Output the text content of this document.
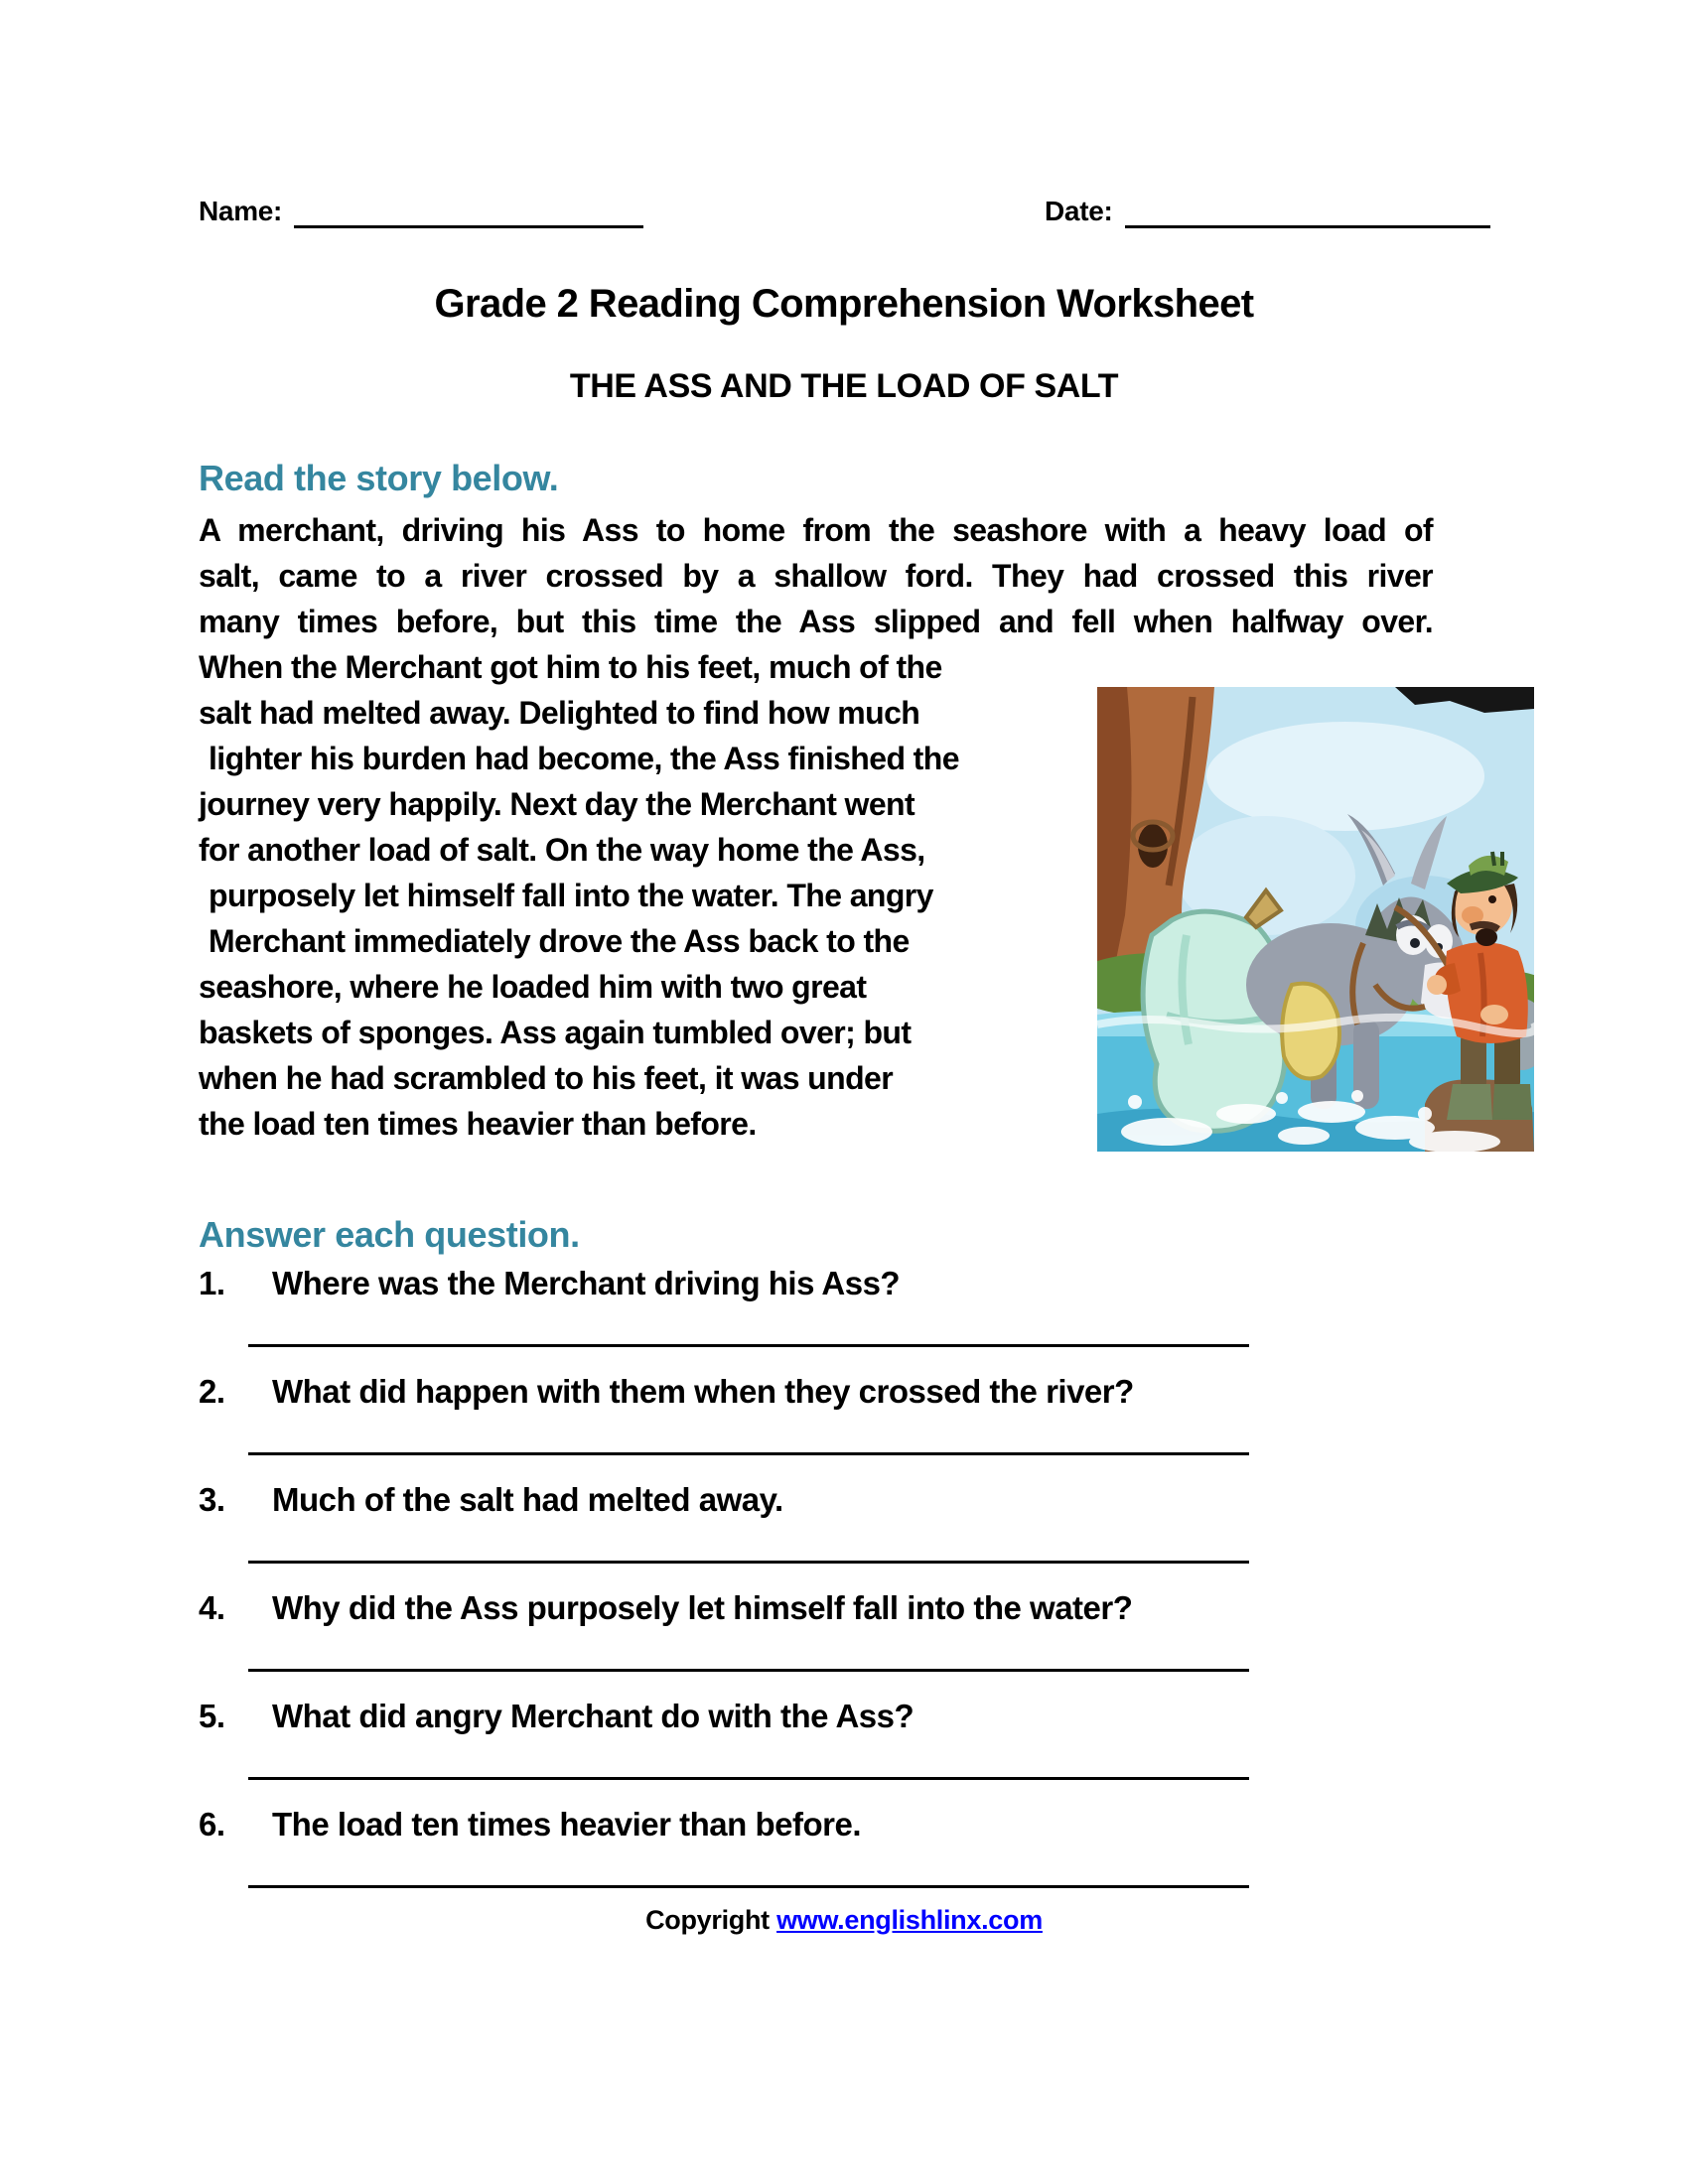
Name:	Date:
Grade 2 Reading Comprehension Worksheet
THE ASS AND THE LOAD OF SALT
Read the story below.
A merchant, driving his Ass to home from the seashore with a heavy load of
salt, came to a river crossed by a shallow ford. They had crossed this river
many times before, but this time the Ass slipped and fell when halfway over.
When the Merchant got him to his feet, much of the
salt had melted away. Delighted to find how much
lighter his burden had become, the Ass finished the
journey very happily. Next day the Merchant went
for another load of salt. On the way home the Ass,
purposely let himself fall into the water. The angry
Merchant immediately drove the Ass back to the
seashore, where he loaded him with two great
baskets of sponges. Ass again tumbled over; but
when he had scrambled to his feet, it was under
the load ten times heavier than before.
Answer each question.
1.	Where was the Merchant driving his Ass?
2.	What did happen with them when they crossed the river?
3.	Much of the salt had melted away.
4.	Why did the Ass purposely let himself fall into the water?
5.	What did angry Merchant do with the Ass?
6.	The load ten times heavier than before.
Copyright www.englishlinx.com
